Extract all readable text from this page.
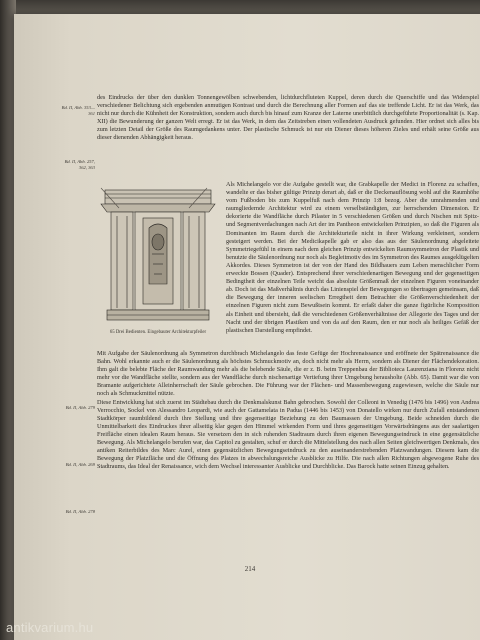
Bd. II, Abb. 353—361
Bd. II, Abb. 257, 362, 363
Bd. II, Abb. 279
Bd. II, Abb. 269
Bd. II, Abb. 278

des Eindrucks der über den dunklen Tonnengewölben schwebenden, lichtdurchfluteten Kuppel, deren durch die Querschiffe und das Widerspiel verschiedener Belichtung sich ergebenden anmutigen Kontrast und durch die Berechnung aller Formen auf das sie treffende Licht. Er ist das Werk, das nicht nur durch die Kühnheit der Konstruktion, sondern auch durch bis hinauf zum Kranze der Laterne unerbittlich durchgeführte Proportionalität (s. Kap. XII) die Bewunderung der ganzen Welt erregt. Er ist das Werk, in dem das Zeitstreben einen vollendeten Ausdruck gefunden. Hier ordnet sich alles bis zum letzten Detail der Größe des Raumgedankens unter. Der plastische Schmuck ist nur ein Diener dieses höheren Zieles und erhält seine Größe aus dieser dienenden Abhängigkeit heraus.

65 Drei Bedienten. Eingebauter Architekturpfeiler

Als Michelangelo vor die Aufgabe gestellt war, die Grabkapelle der Medici in Florenz zu schaffen, wandelte er das bisher gültige Prinzip derart ab, daß er die Deckenauflösung wohl auf die Raumhöhe vom Fußboden bis zum Kuppelfuß nach dem Prinzip 1:8 bezog. Aber die umrahmenden und raumgliedernde Architektur wird zu einem verselbständigten, zur herrschenden Dimension. Er dekorierte die Wandfläche durch Pilaster in 5 verschiedenen Größen und durch Nischen mit Spitz- und Segmentverdachungen nach Art der im Pantheon entwickelten Prinzipien, so daß die Figuren als Dominanten im Raum durch die Architekturteile nicht in ihrer Wirkung verkleinert, sondern gesteigert werden. Bei der Medicikapelle gab er also das aus der Säulenordnung abgeleitete Symmetriegefühl in einem nach dem gleichen Prinzip entwickelten Raumsymmetron der Plastik und benutzte die Säulenordnung nur noch als Begleitmotiv des im Symmetron des Raumes ausgeklügelten Akkordes. Dieses Symmetron ist der von der Hand des Bildhauers zum Leben menschlicher Form erweckte Bossen (Quader). Entsprechend ihrer verschiedenartigen Bewegung und der gegenseitigen Bedingtheit der einzelnen Teile weicht das absolute Größenmaß der einzelnen Figuren voneinander ab. Doch ist das Maßverhältnis durch das Linienspiel der Bewegungen so übertragen gemeinsam, daß die Bewegung der inneren seelischen Erregtheit dem Betrachter die Größenverschiedenheit der einzelnen Figuren nicht zum Bewußtsein kommt. Er erfaßt daher die ganze figürliche Komposition als Einheit und übersieht, daß die verschiedenen Größenverhältnisse der Allegorie des Tages und der Nacht und der übrigen Plastiken und von da auf den Raum, den er nur noch als heiliges Gefäß der plastischen Darstellung empfindet.

Mit Aufgabe der Säulenordnung als Symmetron durchbrach Michelangelo das feste Gefüge der Hochrenaissance und eröffnete der Spätrenaissance die Bahn. Wohl erkannte auch er die Säulenordnung als höchstes Schmuckmotiv an, doch nicht mehr als Herrn, sondern als Diener der Flächendekoration. Ihm galt die belebte Fläche der Raumwandung mehr als die belebende Säule, die er z. B. beim Treppenbau der Biblioteca Laurenziana in Florenz nicht mehr vor die Wandfläche stellte, sondern aus der Wandfläche durch nischenartige Vertiefung ihrer Umgebung herausholte (Abb. 65). Damit war die von Bramante aufgerichtete Alleinherrschaft der Säule gebrochen. Die Führung war der Flächen- und Massenbewegung zugewiesen, welche die Säule nur noch als Schmuckmittel nützte.

Diese Entwicklung hat sich zuerst im Städtebau durch die Denkmalskunst Bahn gebrochen. Sowohl der Colleoni in Venedig (1476 bis 1496) von Andrea Verrocchio, Sockel von Alessandro Leopardi, wie auch der Gattamelata in Padua (1446 bis 1453) von Donatello wirken nur durch Zufall entstandenen Stadtkörper raumbildend durch ihre Stellung und ihre gegenseitige Beziehung zu den Baumassen der Umgebung. Beide schneiden durch die Unmittelbarkeit des Eindruckes ihrer allseitig klar gegen den Himmel wirkenden Form und ihres gegenseitigen Vorwärtsdrängens aus der saalartigen Freifläche einen idealen Raum heraus. Sie versetzen den in sich ruhenden Stadtraum durch ihren eigenen Bewegungseindruck in eine gegensätzliche Bewegung. Als Michelangelo berufen war, das Capitol zu gestalten, schuf er durch die Mittelstellung des nach allen Seiten gleichwertigen Denkmals, des antiken Reiterbildes des Marc Aurel, einen gegensätzlichen Bewegungseindruck zu den auseinanderstrebenden Platzwandungen. Diesem kam die Bewegung der Platzfläche und die Öffnung des Platzes in abwechslungsreiche Ausblicke zu Hilfe. Die nach allen Richtungen abgewogene Ruhe des Stadtraums, das Ideal der Renaissance, wich dem Wechsel interessanter Ausblicke und Durchblicke. Das Barock hatte seinen Einzug gehalten.

214
antikvarium.hu
